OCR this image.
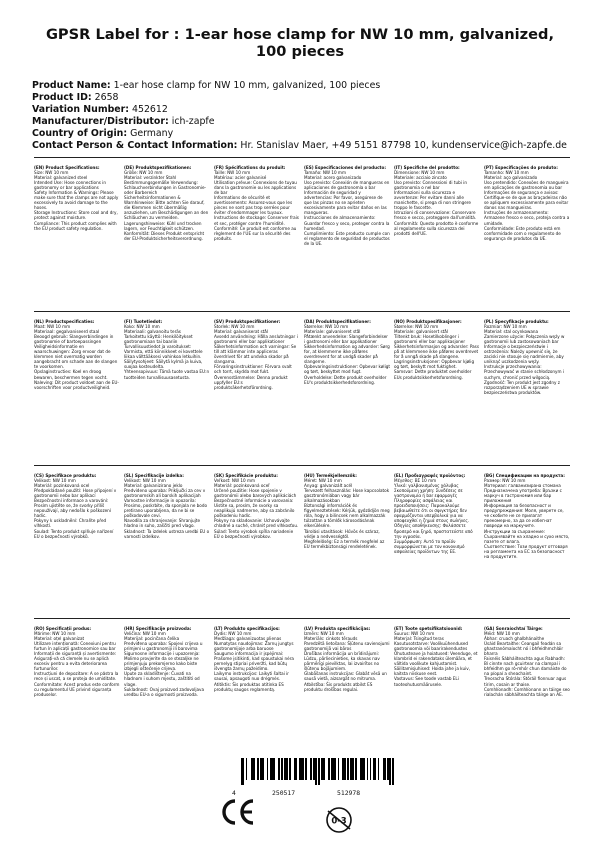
GPSR Label for : 1-ear hose clamp for NW 10 mm, galvanized, 100 pieces
Product Name: 1-ear hose clamp for NW 10 mm, galvanized, 100 pieces
Product ID: 2658
Variation Number: 452612
Manufacturer/Distributor: ich-zapfe
Country of Origin: Germany
Contact Person & Contact Information: Hr. Stanislav Maer, +49 5151 87798 10, kundenservice@ich-zapfe.de

(EN) Product Specifications:

Size: NW 10 mm

Material: galvanized steel

Intended Use: Hose connections in gastronomy or bar applications

Safety Information & Warnings: Please make sure that the clamps are not apply excessively to avoid damage to the hoses.

Storage Instructions: Store cool and dry, protect against moisture.

Compliance: This product complies with the EU product safety regulation.

(DE) Produktspezifikationen:

Größe: NW 10 mm

Material: verzinkter Stahl

Bestimmungsgemäße Verwendung: Schlauchverbindungen in Gastronomie- oder Barbereich

Sicherheitsinformationen & Warnhinweise: Bitte achten Sie darauf, die Klemmen nicht übermäßig anzuziehen, um Beschädigungen an den Schläuchen zu vermeiden.

Lagerungshinweise: Kühl und trocken lagern, vor Feuchtigkeit schützen.

Konformität: Dieses Produkt entspricht der EU-Produktsicherheitsverordnung.

(FR) Spécifications du produit:

Taille: NW 10 mm

Matériau: acier galvanisé

Utilisation prévue: Connexions de tuyau dans la gastronomie ou les applications de bar

Informations de sécurité et avertissements: Assurez-vous que les pinces ne sont pas trop serrées pour éviter d'endommager les tuyaux.

Instructions de stockage: Conserver frais et sec, protéger contre l'humidité.

Conformité: Ce produit est conforme au règlement de l'UE sur la sécurité des produits.

(ES) Especificaciones del producto:

Tamaño: NW 10 mm

Material: acero galvanizado

Uso previsto: Conexión de mangueras en aplicaciones de gastronomía o bar

Información de seguridad y advertencias: Por favor, asegúrese de que las pinzas no se aprieten excesivamente para evitar daños en las mangueras.

Instrucciones de almacenamiento: Guardar fresco y seco, proteger contra la humedad.

Cumplimiento: Este producto cumple con el reglamento de seguridad de productos de la UE.

(IT) Specifiche del prodotto:

Dimensione: NW 10 mm

Materiale: acciaio zincato

Uso previsto: Connessioni di tubi in gastronomia o nel bar

Informazioni sulla sicurezza e avvertenze: Per evitare danni alle manichette, si prega di non stringere troppo le fascette.

Istruzioni di conservazione: Conservare fresco e secco, proteggere dall'umidità.

Conformità: Questo prodotto è conforme al regolamento sulla sicurezza dei prodotti dell'UE.

(PT) Especificações do produto:

Tamanho: NW 10 mm

Material: aço galvanizado

Uso pretendido: Conexões de mangueira em aplicações de gastronomia ou bar

Informações de segurança e avisos: Certifique-se de que as braçadeiras não se apliquem excessivamente para evitar danos nas mangueiras.

Instruções de armazenamento: Armazene fresco e seco, proteja contra a umidade.

Conformidade: Este produto está em conformidade com o regulamento de segurança de produtos da UE.

(NL) Productspecificaties:

Maat: NW 10 mm

Materiaal: gegalvaniseerd staal

Beoogd gebruik: Slangverbindingen in gastronomie of bartoepassingen

Veiligheidsinformatie en waarschuwingen: Zorg ervoor dat de klemmen niet overmatig worden aangebracht om schade aan de slangen te voorkomen.

Opslaginstructies: Koel en droog bewaren, beschermen tegen vocht.

Naleving: Dit product voldoet aan de EU-voorschriften voor productveiligheid.

(FI) Tuotetiedot:

Koko: NW 10 mm

Materiaali: galvanoitu teräs

Tarkoitettu käyttö: Henkilöitykset gastronomiaan tai baariin

Turvallisuustiedot ja varoitukset: Varmista, että kiinnikkeet ei kovettele liikaa välttääksesi vahinkoa letkuihin.

Säilytysohjeet: Säilytä kylmä ja kuiva, suojaa kosteudelta.

Yhteensopivuus: Tämä tuote vastaa EU:n tuotteiden turvallisuusasetusta.

(SV) Produktspecifikationer:

Storlek: NW 10 mm

Material: galvaniserat stål

Avsedd användning: Hålla anslutningar i gastronomi eller bar applikationer

Säkerhetsinformation och varningar: Se till att klämmor inte appliceras överdrivet för att undvika skador på slangarna.

Förvaringsinstruktioner: Förvara svalt och torrt, skydda mot fukt.

Överensstämmelse: Denna produkt uppfyller EU:s produktsäkerhetsförordning.

(DA) Produktspecifikationer:

Størrelse: NW 10 mm

Materiale: galvaniseret stål

Påtænkt anvendelse: Slangeforbindelser i gastronomi eller bar applikationer

Sikkerhedsinformation og advarsler: Sørg for, at klemmerne ikke påføres overdrevent for at undgå skader på slangerne.

Opbevaringsinstruktioner: Opbevar køligt og tørt, beskyttet mod fugt.

Overholdelse: Dette produkt overholder EU's produktsikkerhedsforordning.

(NO) Produktspesifikasjoner:

Størrelse: NW 10 mm

Materiale: galvanisert stål

Tiltenkt bruk: Hosetilkoblinger i gastronomi eller bar applikasjoner

Sikkerhetsinformasjon og advarsler: Pass på at klemmene ikke påføres overdrevet for å unngå skade på slangene.

Lagringsinstruksjoner: Oppbevar kjølig og tørt, beskytt mot fuktighet.

Samsvar: Dette produktet overholder EUs produktsikkerhetsforordning.

(PL) Specyfikacje produktu:

Rozmiar: NW 10 mm

Materiał: stal ocynkowana

Zamierzone użycie: Połączenia węży w gastronomii lub zastosowaniach bar

Informacje o bezpieczeństwie i ostrzeżenia: Należy upewnić się, że zaciski nie stosuje się nadmiernie, aby uniknąć uszkodzenia węży.

Instrukcje przechowywania: Przechowywać w stanie schłodzonym i suchym, chronić przed wilgocią.

Zgodność: Ten produkt jest zgodny z rozporządzeniem UE w sprawie bezpieczeństwa produktów.

(CS) Specifikace produktu:

Velikost: NW 10 mm

Materiál: pozinkovaná ocel

Předpokládané použití: Hose připojení v gastronomii nebo bar aplikací

Bezpečnostní informace a varování: Prosím ujistěte se, že svorky příliš nepoužívají, aby nedošlo k poškození hadic.

Pokyny k uskladnění: Chraňte před vlhkostí.

Soulad: Tento produkt splňuje nařízení EU o bezpečnosti výrobků.

(SL) Specifikacije izdelka:

Velikost: NW 10 mm

Material: galvanizirano jeklo

Predvideno uporaba: Priključki za cev v gastronomskih ali barskih aplikacijah

Varnostne informacije in opozorila: Prosimo, poskrbite, da sponjala ne bodo pretirano uporabljena, da ne bi se poškodovale cevi.

Navodila za shranjevanje: Shranjujte hladno in suho, zaščiti pred vlago.

Skladnost: Ta izdelek ustreza uredbi EU o varnosti izdelkov.

(SK) Špecifikácie produktu:

Veľkosť: NW 10 mm

Materiál: pozinkovaná oceľ

Určené použitie: Hose spojenie v gastronómii alebo barových aplikáciách

Bezpečnostné informácie a varovania: Uistite sa, prosím, že svorky sa neaplikujú nadmerne, aby sa zabránilo poškodeniu hadíc.

Pokyny na skladovanie: Uchovávajte chladné a suché, chrániť pred vlhkosťou.

Súlad: Tento výrobok spĺňa nariadenie EÚ o bezpečnosti výrobkov.

(HU) Termékjellemzők:

Méret: NW 10 mm

Anyag: galvanizált acél

Tervezett felhasználás: Hose kapcsolatok gasztronómiában vagy bár alkalmazásokban

Biztonsági információk és figyelmeztetések: Kérjük, győződjön meg róla, hogy a bilincsek nem alkalmazzák túlzottan a tömlők károsodásának elkerülésére.

Tárolási utasítások: Hűvös és száraz, védje a nedvességtől.

Megfelelőség: Ez a termék megfelel az EU termékbiztonsági rendeletének.

(EL) Προδιαγραφές προϊόντος:

Μέγεθος: ΒΣ 10 mm

Υλικό: γαλβανισμένος χάλυβας

Σκοπούμενη χρήση: Συνδέσεις σε γαστρονομία ή bar εφαρμογές

Πληροφορίες ασφάλειας και προειδοποιήσεις: Παρακαλούμε βεβαιωθείτε ότι οι σφιγκτήρες δεν εφαρμόζονται υπερβολικά για να αποφευχθεί η ζημιά στους σωλήνες.

Οδηγίες αποθήκευσης: Φυλάσσετε δροσερό και ξηρό, προστατεύστε από την υγρασία.

Συμμόρφωση: Αυτό το προϊόν συμμορφώνεται με τον κανονισμό ασφαλείας προϊόντων της ΕΕ.

(BG) Спецификации на продукта:

Размер: NW 10 mm

Материал: галванизирана стомана

Предназначена употреба: Връзки с маркуч в гастрономия или бар приложения

Информация за безопасност и предупреждения: Моля, уверете се, че скобите не се прилагат прекомерно, за да се избегнат повреди на маркучите.

Инструкции за съхранение: Съхранявайте на хладно и сухо място, пазете от влага.

Съответствие: Този продукт отговаря на регламента на ЕС за безопасност на продуктите.

(RO) Specificații produs:

Mărime: NW 10 mm

Material: oțel galvanizat

Utilizare intenționată: Conexiuni pentru furtun în aplicații gastronomice sau bar

Informații de siguranță și avertismente: Asigurați-vă că clemele nu se aplică excesiv pentru a evita deteriorarea furtunurilor.

Instrucțiuni de depozitare: A se păstra la rece și uscat, a se proteja de umiditate.

Conformitate: Acest produs este conform cu regulamentul UE privind siguranța produselor.

(HR) Specifikacije proizvoda:

Veličina: NW 10 mm

Materijal: pocinčana čelika

Predviđena uporaba: Spojevi crijeva u primjeni u gastronomiji ili barovima

Sigurnosne informacije i upozorenja: Molimo provjerite da se stezaljke ne primjenjuju prekomjerno kako biste izbjegli oštećenje crijeva.

Upute za skladištenje: Čuvati na hladnom i suhom mjestu, zaštititi od vlage.

Sukladnost: Ovaj proizvod zadovoljava uredbu EU-a o sigurnosti proizvoda.

(LT) Produkto specifikacijos:

Dydis: NW 10 mm

Medžiaga: galvanizuotas plienas

Numatytas naudojimas: Žarnų jungtys gastronomijoje arba baruose

Saugumo informacija ir įspėjimai: Prašome įsitikinti, kad spaustukai nėra pernelyg stipriai priveržti, kad būtų išvengta žarnų pažeidimo.

Laikymo instrukcijos: Laikyti šaltai ir sausai, apsaugoti nuo drėgmės.

Atitiktis: Šis produktas atitinka ES produktų saugos reglamentą.

(LV) Produkta specifikācijas:

Izmērs: NW 10 mm

Materiāls: cinkots tērauds

Paredzētā lietošana: Šļūtenu savienojumi gastronomijā vai bāros

Drošības informācija un brīdinājumi: Lūdzu, pārliecinieties, ka skavas nav pārmērīgi pievilktas, lai izvairītos no šļūteņu bojājumiem.

Glabāšanas instrukcijas: Glabāt vēsā un sausā vietā, aizsargāt no mitruma.

Atbilstība: Šis produkts atbilst ES produktu drošības regulai.

(ET) Toote spetsifikatsioonid:

Suurus: NW 10 mm

Materjal: Tsingitud teras

Kasutusotstarve: Voolikuühendused gastronoomia või baarirakendustes

Ohutusteave ja hoiatused: Veenduge, et klambrid ei rakendataks ülemäära, et vältida voolikute kahjustamist.

Säilitamisjuhised: Hoida jahe ja kuiv, kaitsta niiskuse eest.

Vastavus: See toode vastab ELi tooteohutusmäärusele.

(GA) Sonraíochtaí Táirge:

Méid: NW 10 mm

Ábhar: cruach ghalbhánaithe

Úsáid Beartaithe: Ceangail feadán sa ghastranómaíocht nó i bhfeidhmchláir bharra

Faisnéis Sábháilteachta agus Rabhadh: Bí cinnte nach gcuirtear na clampaí i bhfeidhm go ró-mhór chun damáiste do na píopaí a sheachaint.

Treoracha Stórála: Stóráil fionnuar agus tirim, cosain ar thaise.

Comhlíonadh: Comhlíonann an táirge seo rialachán sábháilteachta táirge an AE.

4	250517	512978
0-3
